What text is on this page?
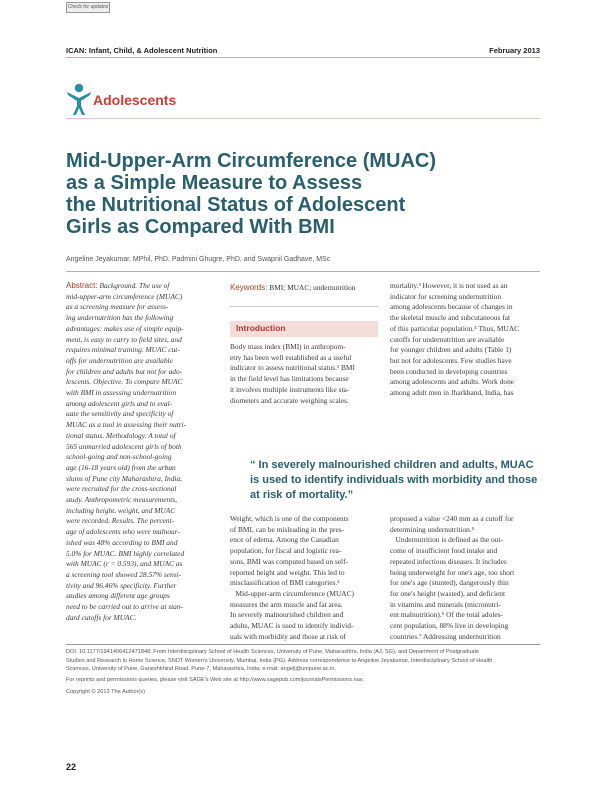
Check for updates
ICAN: Infant, Child, & Adolescent Nutrition	February 2013
Adolescents
Mid-Upper-Arm Circumference (MUAC)
as a Simple Measure to Assess
the Nutritional Status of Adolescent
Girls as Compared With BMI
Angeline Jeyakumar, MPhil, PhD, Padmini Ghugre, PhD, and Swapnil Gadhave, MSc
Abstract: Background. The use of
mid-upper-arm circumference (MUAC)
as a screening measure for assess-
ing undernutrition has the following
advantages: makes use of simple equip-
ment, is easy to carry to field sites, and
requires minimal training. MUAC cut-
offs for undernutrition are available
for children and adults but not for ado-
lescents. Objective. To compare MUAC
with BMI in assessing undernutrition
among adolescent girls and to eval-
uate the sensitivity and specificity of
MUAC as a tool in assessing their nutri-
tional status. Methodology. A total of
565 unmarried adolescent girls of both
school-going and non-school-going
age (16-18 years old) from the urban
slums of Pune city Maharashtra, India,
were recruited for the cross-sectional
study. Anthropometric measurements,
including height, weight, and MUAC
were recorded. Results. The percent-
age of adolescents who were malnour-
ished was 48% according to BMI and
5.0% for MUAC. BMI highly correlated
with MUAC (r = 0.593), and MUAC as
a screening tool showed 28.57% sensi-
tivity and 96.46% specificity. Further
studies among different age groups
need to be carried out to arrive at stan-
dard cutoffs for MUAC.
Keywords: BMI; MUAC; undernutrition
Introduction
Body mass index (BMI) in anthropom-
etry has been well established as a useful
indicator to assess nutritional status.¹ BMI
in the field level has limitations because
it involves multiple instruments like sta-
diometers and accurate weighing scales.
mortality.³ However, it is not used as an
indicator for screening undernutrition
among adolescents because of changes in
the skeletal muscle and subcutaneous fat
of this particular population.⁴ Thus, MUAC
cutoffs for undernutrition are available
for younger children and adults (Table 1)
but not for adolescents. Few studies have
been conducted in developing countries
among adolescents and adults. Work done
among adult men in Jharkhand, India, has
“ In severely malnourished children and adults, MUAC is used to identify individuals with morbidity and those at risk of mortality.”
Weight, which is one of the components
of BMI, can be misleading in the pres-
ence of edema. Among the Canadian
population, for fiscal and logistic rea-
sons, BMI was computed based on self-
reported height and weight. This led to
misclassification of BMI categories.²
Mid-upper-arm circumference (MUAC)
measures the arm muscle and fat area.
In severely malnourished children and
adults, MUAC is used to identify individ-
uals with morbidity and those at risk of
proposed a value <240 mm as a cutoff for
determining undernutrition.⁵
Undernutrition is defined as the out-
come of insufficient food intake and
repeated infectious diseases. It includes
being underweight for one's age, too short
for one's age (stunted), dangerously thin
for one's height (wasted), and deficient
in vitamins and minerals (micronutri-
ent malnutrition).⁶ Of the total adoles-
cent population, 88% live in developing
countries.⁷ Addressing undernutrition
DOI: 10.1177/1941406412471848. From Interdisciplinary School of Health Sciences, University of Pune, Maharashtra, India (AJ, SG), and Department of Postgraduate
Studies and Research in Home Science, SNDT Women's University, Mumbai, India (PG). Address correspondence to Angeline Jeyakumar, Interdisciplinary School of Health
Sciences, University of Pune, Ganeshkhind Road, Pune-7, Maharashtra, India; e-mail: angelj@unipune.ac.in.
For reprints and permissions queries, please visit SAGE's Web site at http://www.sagepub.com/journalsPermissions.nav.
Copyright © 2013 The Author(s)
22
